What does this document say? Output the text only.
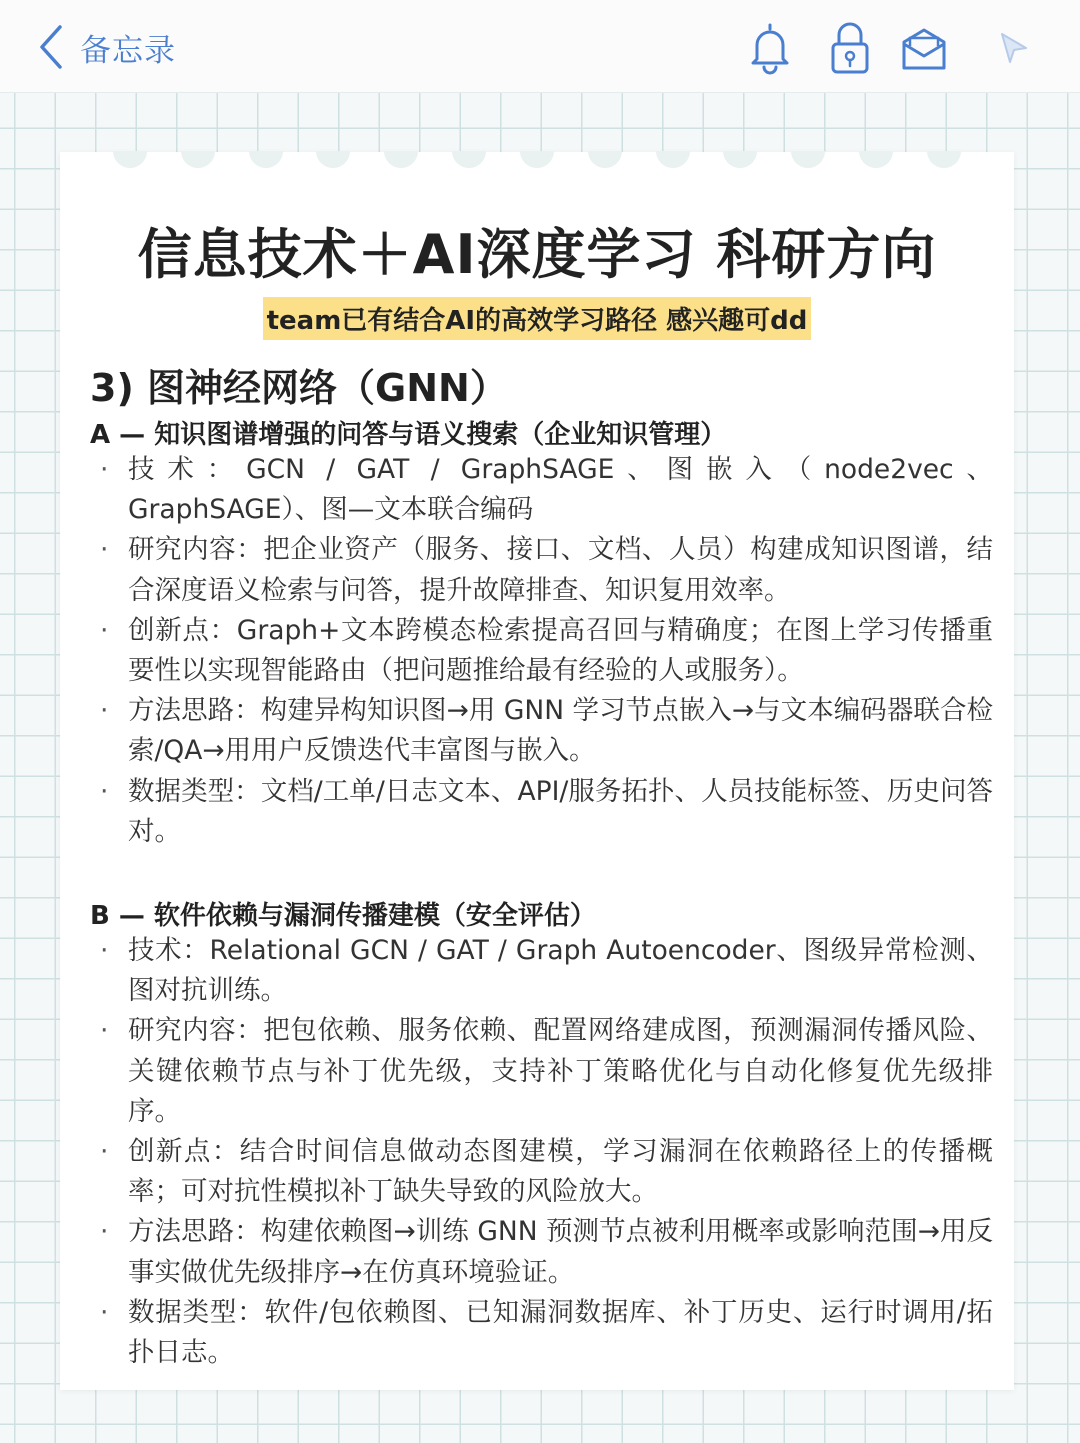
备忘录
信息技术＋AI深度学习 科研方向
team已有结合AI的高效学习路径 感兴趣可dd
3) 图神经网络（GNN）
A — 知识图谱增强的问答与语义搜索（企业知识管理）
· 技术：GCN / GAT / GraphSAGE、图嵌入（node2vec、GraphSAGE）、图—文本联合编码
· 研究内容：把企业资产（服务、接口、文档、人员）构建成知识图谱，结合深度语义检索与问答，提升故障排查、知识复用效率。
· 创新点：Graph+文本跨模态检索提高召回与精确度；在图上学习传播重要性以实现智能路由（把问题推给最有经验的人或服务）。
· 方法思路：构建异构知识图→用 GNN 学习节点嵌入→与文本编码器联合检索/QA→用用户反馈迭代丰富图与嵌入。
· 数据类型：文档/工单/日志文本、API/服务拓扑、人员技能标签、历史问答对。
B — 软件依赖与漏洞传播建模（安全评估）
· 技术：Relational GCN / GAT / Graph Autoencoder、图级异常检测、图对抗训练。
· 研究内容：把包依赖、服务依赖、配置网络建成图，预测漏洞传播风险、关键依赖节点与补丁优先级，支持补丁策略优化与自动化修复优先级排序。
· 创新点：结合时间信息做动态图建模，学习漏洞在依赖路径上的传播概率；可对抗性模拟补丁缺失导致的风险放大。
· 方法思路：构建依赖图→训练 GNN 预测节点被利用概率或影响范围→用反事实做优先级排序→在仿真环境验证。
· 数据类型：软件/包依赖图、已知漏洞数据库、补丁历史、运行时调用/拓扑日志。
